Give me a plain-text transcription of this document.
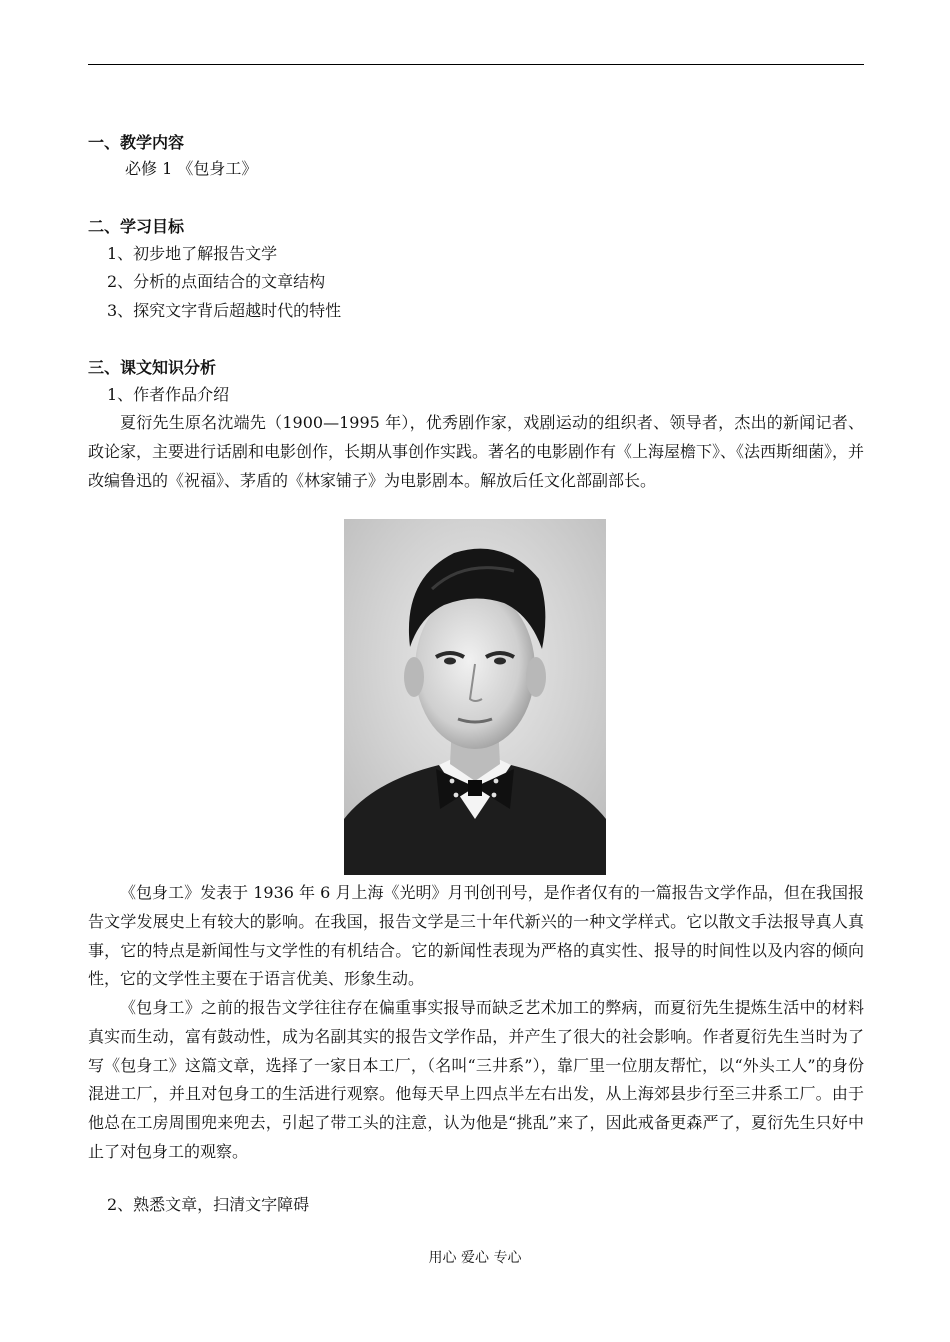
一、教学内容
必修 1 《包身工》
二、学习目标
1、初步地了解报告文学
2、分析的点面结合的文章结构
3、探究文字背后超越时代的特性
三、课文知识分析
1、作者作品介绍
夏衍先生原名沈端先（1900—1995 年），优秀剧作家，戏剧运动的组织者、领导者，杰出的新闻记者、政论家，主要进行话剧和电影创作，长期从事创作实践。著名的电影剧作有《上海屋檐下》、《法西斯细菌》，并改编鲁迅的《祝福》、茅盾的《林家铺子》为电影剧本。解放后任文化部副部长。
《包身工》发表于 1936 年 6 月上海《光明》月刊创刊号，是作者仅有的一篇报告文学作品，但在我国报告文学发展史上有较大的影响。在我国，报告文学是三十年代新兴的一种文学样式。它以散文手法报导真人真事，它的特点是新闻性与文学性的有机结合。它的新闻性表现为严格的真实性、报导的时间性以及内容的倾向性，它的文学性主要在于语言优美、形象生动。
《包身工》之前的报告文学往往存在偏重事实报导而缺乏艺术加工的弊病，而夏衍先生提炼生活中的材料真实而生动，富有鼓动性，成为名副其实的报告文学作品，并产生了很大的社会影响。作者夏衍先生当时为了写《包身工》这篇文章，选择了一家日本工厂，（名叫“三井系”），靠厂里一位朋友帮忙，以“外头工人”的身份混进工厂，并且对包身工的生活进行观察。他每天早上四点半左右出发，从上海郊县步行至三井系工厂。由于他总在工房周围兜来兜去，引起了带工头的注意，认为他是“挑乱”来了，因此戒备更森严了，夏衍先生只好中止了对包身工的观察。
2、熟悉文章，扫清文字障碍
用心 爱心 专心
